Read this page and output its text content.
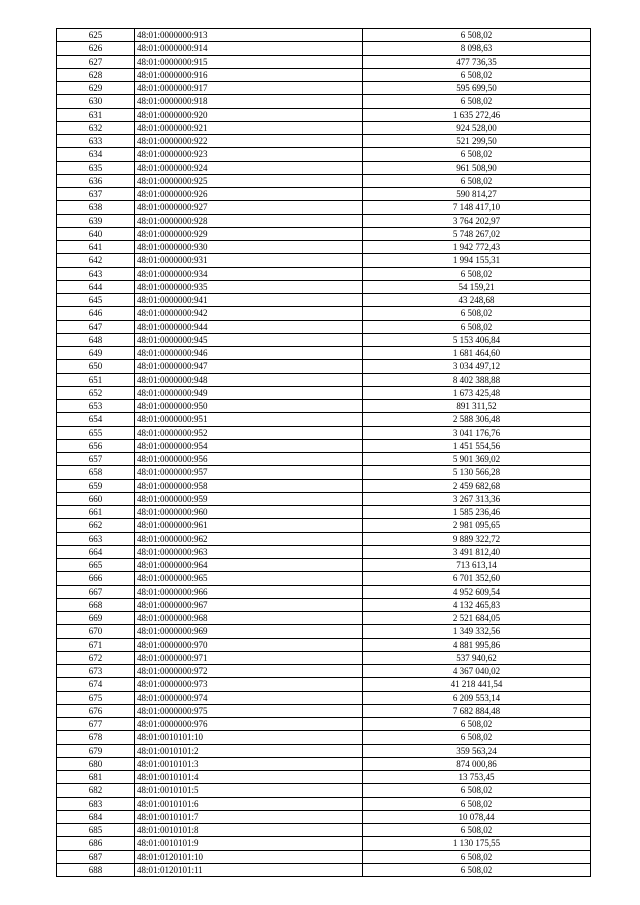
625	48:01:0000000:913	6 508,02
626	48:01:0000000:914	8 098,63
627	48:01:0000000:915	477 736,35
628	48:01:0000000:916	6 508,02
629	48:01:0000000:917	595 699,50
630	48:01:0000000:918	6 508,02
631	48:01:0000000:920	1 635 272,46
632	48:01:0000000:921	924 528,00
633	48:01:0000000:922	521 299,50
634	48:01:0000000:923	6 508,02
635	48:01:0000000:924	961 508,90
636	48:01:0000000:925	6 508,02
637	48:01:0000000:926	590 814,27
638	48:01:0000000:927	7 148 417,10
639	48:01:0000000:928	3 764 202,97
640	48:01:0000000:929	5 748 267,02
641	48:01:0000000:930	1 942 772,43
642	48:01:0000000:931	1 994 155,31
643	48:01:0000000:934	6 508,02
644	48:01:0000000:935	54 159,21
645	48:01:0000000:941	43 248,68
646	48:01:0000000:942	6 508,02
647	48:01:0000000:944	6 508,02
648	48:01:0000000:945	5 153 406,84
649	48:01:0000000:946	1 681 464,60
650	48:01:0000000:947	3 034 497,12
651	48:01:0000000:948	8 402 388,88
652	48:01:0000000:949	1 673 425,48
653	48:01:0000000:950	891 311,52
654	48:01:0000000:951	2 588 306,48
655	48:01:0000000:952	3 041 176,76
656	48:01:0000000:954	1 451 554,56
657	48:01:0000000:956	5 901 369,02
658	48:01:0000000:957	5 130 566,28
659	48:01:0000000:958	2 459 682,68
660	48:01:0000000:959	3 267 313,36
661	48:01:0000000:960	1 585 236,46
662	48:01:0000000:961	2 981 095,65
663	48:01:0000000:962	9 889 322,72
664	48:01:0000000:963	3 491 812,40
665	48:01:0000000:964	713 613,14
666	48:01:0000000:965	6 701 352,60
667	48:01:0000000:966	4 952 609,54
668	48:01:0000000:967	4 132 465,83
669	48:01:0000000:968	2 521 684,05
670	48:01:0000000:969	1 349 332,56
671	48:01:0000000:970	4 881 995,86
672	48:01:0000000:971	537 940,62
673	48:01:0000000:972	4 367 040,02
674	48:01:0000000:973	41 218 441,54
675	48:01:0000000:974	6 209 553,14
676	48:01:0000000:975	7 682 884,48
677	48:01:0000000:976	6 508,02
678	48:01:0010101:10	6 508,02
679	48:01:0010101:2	359 563,24
680	48:01:0010101:3	874 000,86
681	48:01:0010101:4	13 753,45
682	48:01:0010101:5	6 508,02
683	48:01:0010101:6	6 508,02
684	48:01:0010101:7	10 078,44
685	48:01:0010101:8	6 508,02
686	48:01:0010101:9	1 130 175,55
687	48:01:0120101:10	6 508,02
688	48:01:0120101:11	6 508,02
